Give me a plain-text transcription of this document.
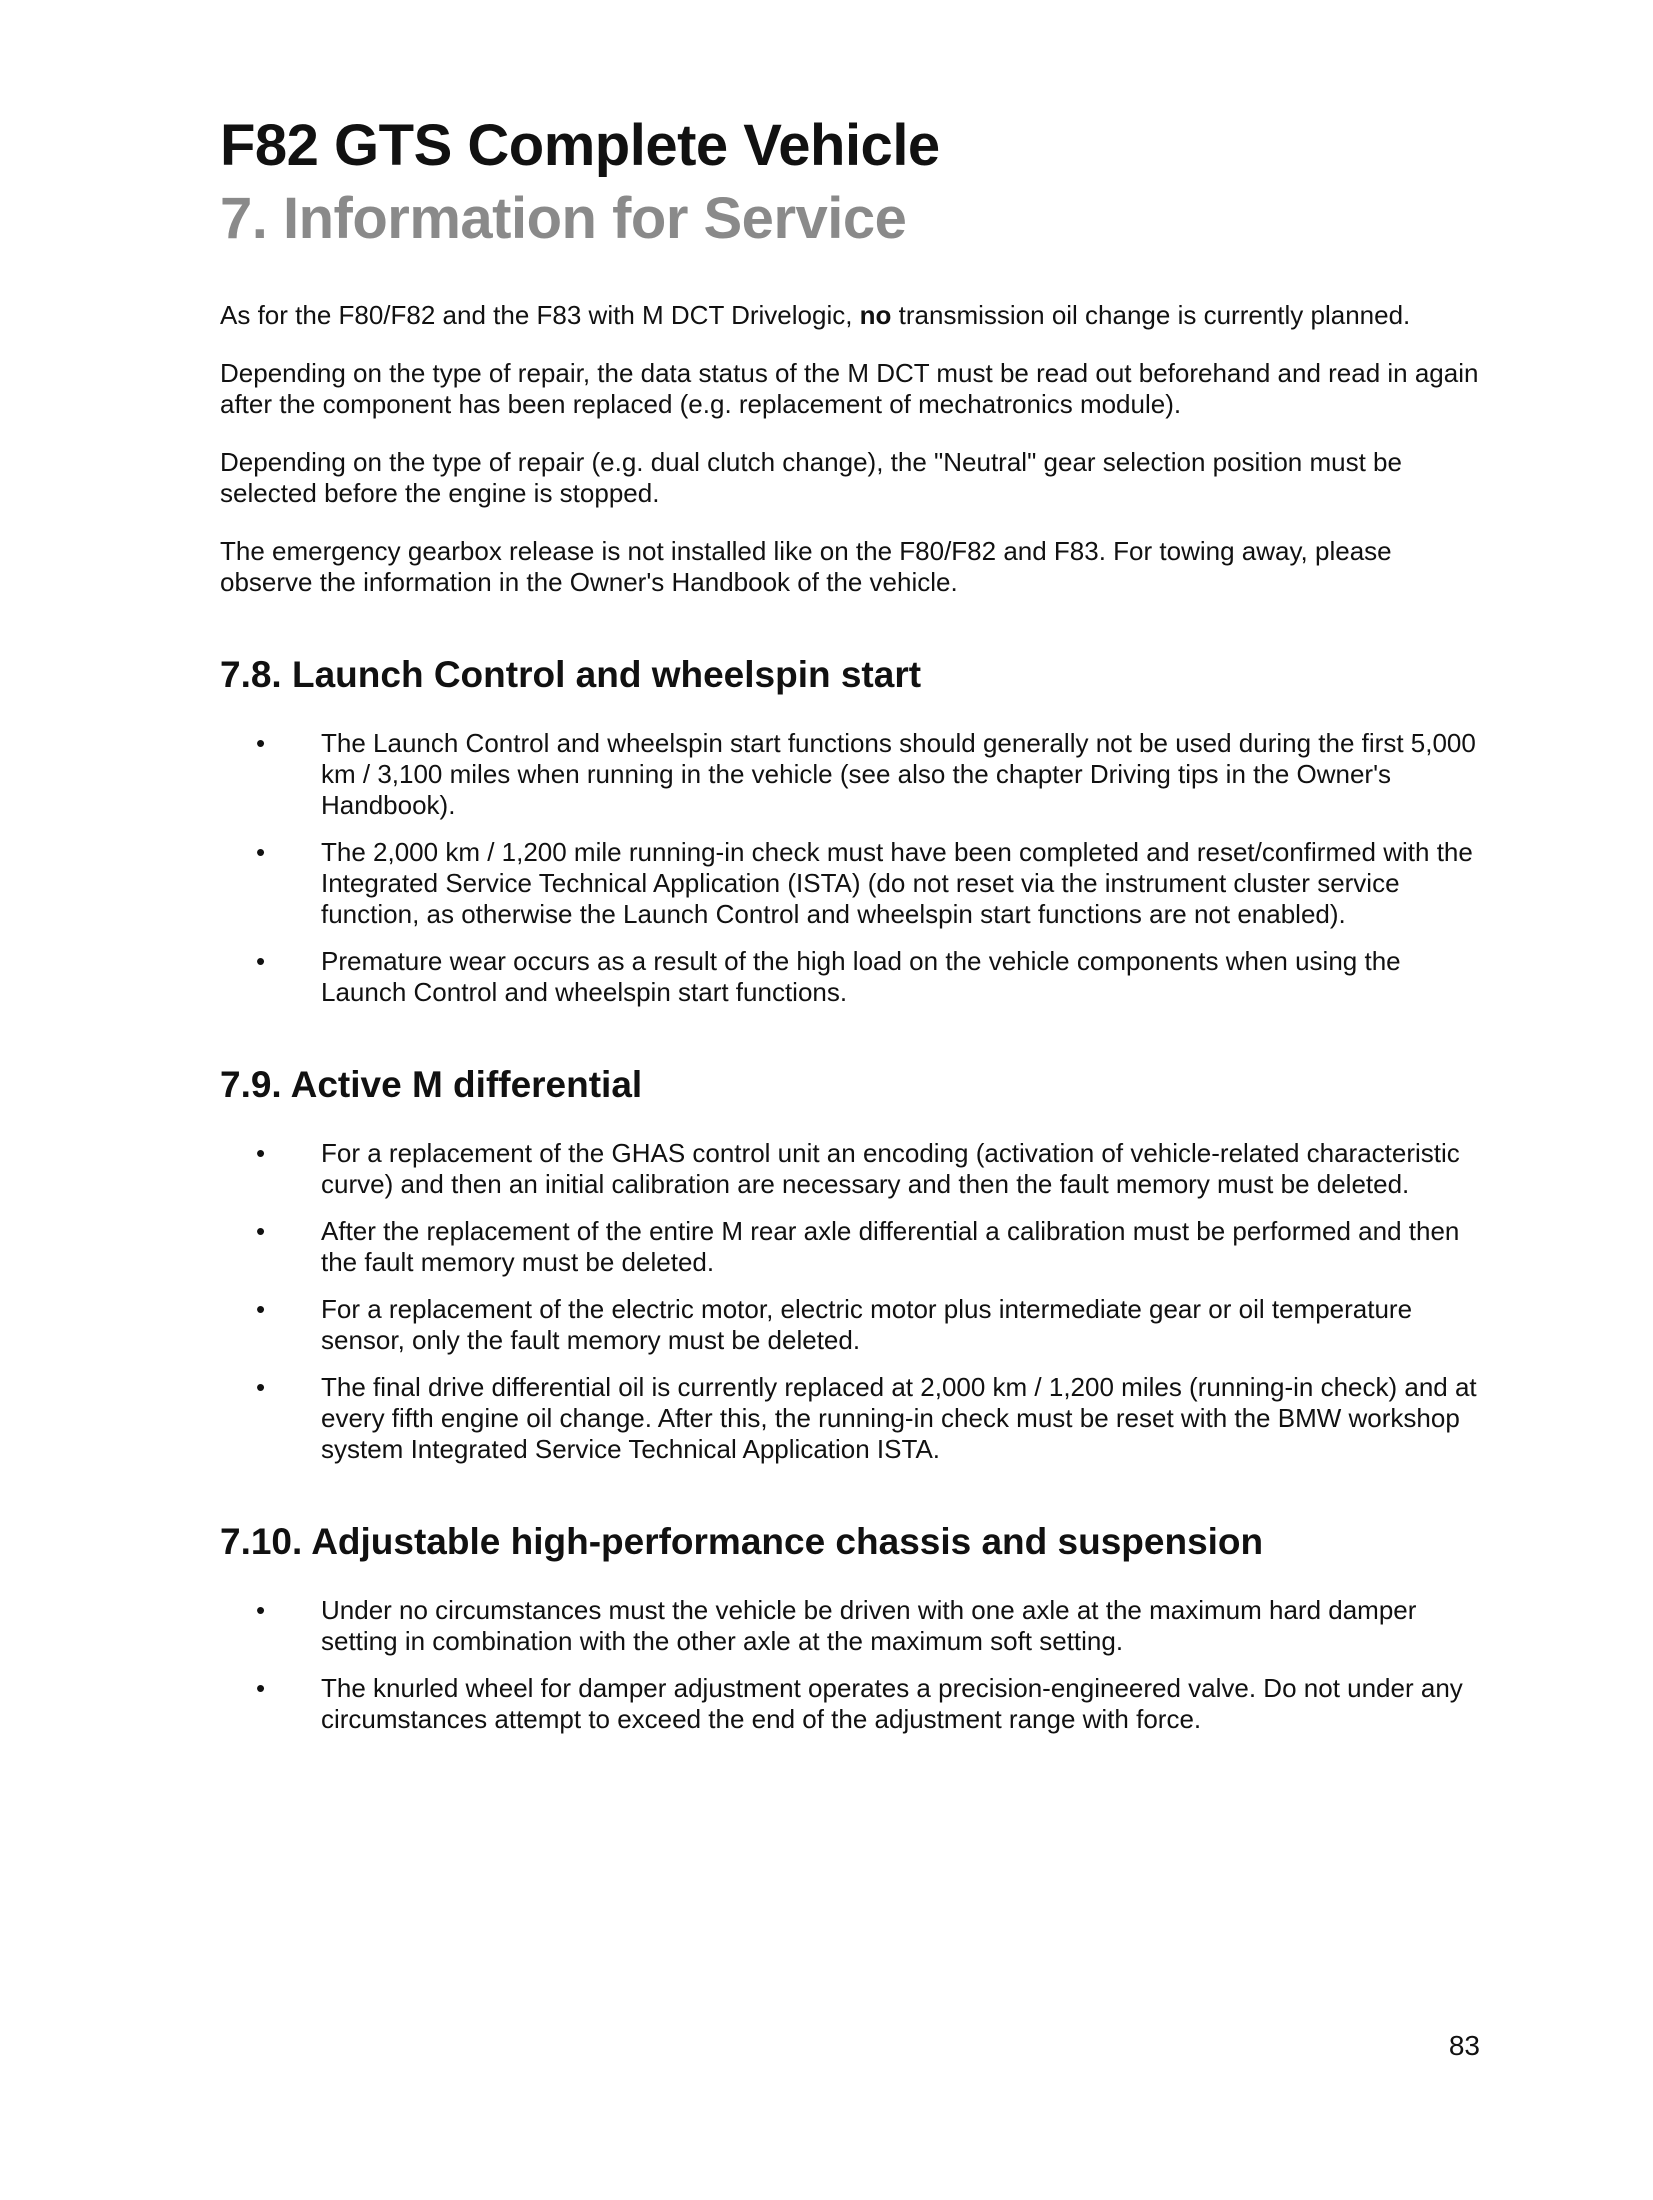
F82 GTS Complete Vehicle
7. Information for Service

As for the F80/F82 and the F83 with M DCT Drivelogic, no transmission oil change is currently planned.

Depending on the type of repair, the data status of the M DCT must be read out beforehand and read in again after the component has been replaced (e.g. replacement of mechatronics module).

Depending on the type of repair (e.g. dual clutch change), the "Neutral" gear selection position must be selected before the engine is stopped.

The emergency gearbox release is not installed like on the F80/F82 and F83. For towing away, please observe the information in the Owner's Handbook of the vehicle.

7.8. Launch Control and wheelspin start
• The Launch Control and wheelspin start functions should generally not be used during the first 5,000 km / 3,100 miles when running in the vehicle (see also the chapter Driving tips in the Owner's Handbook).
• The 2,000 km / 1,200 mile running-in check must have been completed and reset/confirmed with the Integrated Service Technical Application (ISTA) (do not reset via the instrument cluster service function, as otherwise the Launch Control and wheelspin start functions are not enabled).
• Premature wear occurs as a result of the high load on the vehicle components when using the Launch Control and wheelspin start functions.
7.9. Active M differential
• For a replacement of the GHAS control unit an encoding (activation of vehicle-related characteristic curve) and then an initial calibration are necessary and then the fault memory must be deleted.
• After the replacement of the entire M rear axle differential a calibration must be performed and then the fault memory must be deleted.
• For a replacement of the electric motor, electric motor plus intermediate gear or oil temperature sensor, only the fault memory must be deleted.
• The final drive differential oil is currently replaced at 2,000 km / 1,200 miles (running-in check) and at every fifth engine oil change. After this, the running-in check must be reset with the BMW workshop system Integrated Service Technical Application ISTA.
7.10. Adjustable high-performance chassis and suspension
• Under no circumstances must the vehicle be driven with one axle at the maximum hard damper setting in combination with the other axle at the maximum soft setting.
• The knurled wheel for damper adjustment operates a precision-engineered valve. Do not under any circumstances attempt to exceed the end of the adjustment range with force.
83
